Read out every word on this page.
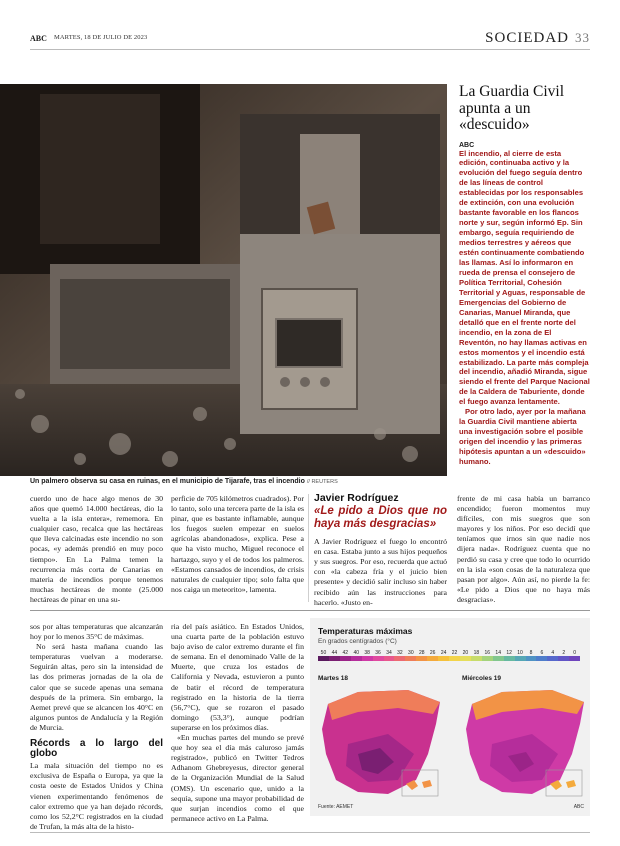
ABC MARTES, 18 DE JULIO DE 2023	SOCIEDAD 33
Un palmero observa su casa en ruinas, en el municipio de Tijarafe, tras el incendio // REUTERS
La Guardia Civil apunta a un «descuido»
ABC

El incendio, al cierre de esta edición, continuaba activo y la evolución del fuego seguía dentro de las líneas de control establecidas por los responsables de extinción, con una evolución bastante favorable en los flancos norte y sur, según informó Ep. Sin embargo, seguía requiriendo de medios terrestres y aéreos que estén continuamente combatiendo las llamas. Así lo informaron en rueda de prensa el consejero de Política Territorial, Cohesión Territorial y Aguas, responsable de Emergencias del Gobierno de Canarias, Manuel Miranda, que detalló que en el frente norte del incendio, en la zona de El Reventón, no hay llamas activas en estos momentos y el incendio está estabilizado. La parte más compleja del incendio, añadió Miranda, sigue siendo el frente del Parque Nacional de la Caldera de Taburiente, donde el fuego avanza lentamente.

Por otro lado, ayer por la mañana la Guardia Civil mantiene abierta una investigación sobre el posible origen del incendio y las primeras hipótesis apuntan a un «descuido» humano.

cuerdo uno de hace algo menos de 30 años que quemó 14.000 hectáreas, dio la vuelta a la isla entera», rememora. En cualquier caso, recalca que las hectáreas que lleva calcinadas este incendio no son pocas, «y además prendió en muy poco tiempo». En La Palma temen la recurrencia más corta de Canarias en materia de incendios porque tenemos muchas hectáreas de monte (25.000 hectáreas de pinar en una su-

perficie de 705 kilómetros cuadrados). Por lo tanto, solo una tercera parte de la isla es pinar, que es bastante inflamable, aunque los fuegos suelen empezar en suelos agrícolas abandonados», explica. Pese a que ha visto mucho, Miguel reconoce el hartazgo, suyo y el de todos los palmeros. «Estamos cansados de incendios, de crisis naturales de cualquier tipo; solo falta que nos caiga un meteorito», lamenta.

Javier Rodríguez
«Le pido a Dios que no haya más desgracias»

A Javier Rodríguez el fuego lo encontró en casa. Estaba junto a sus hijos pequeños y sus suegros. Por eso, recuerda que actuó con «la cabeza fría y el juicio bien presente» y decidió salir incluso sin haber recibido aún las instrucciones para hacerlo. «Justo en-

frente de mi casa había un barranco encendido; fueron momentos muy difíciles, con mis suegros que son mayores y los niños. Por eso decidí que teníamos que irnos sin que nadie nos dijera nada». Rodríguez cuenta que no perdió su casa y cree que todo lo ocurrido en la isla «son cosas de la naturaleza que pasan por algo». Aún así, no pierde la fe: «Le pido a Dios que no haya más desgracias».

sos por altas temperaturas que alcanzarán hoy por lo menos 35°C de máximas.

No será hasta mañana cuando las temperaturas vuelvan a moderarse. Seguirán altas, pero sin la intensidad de las dos primeras jornadas de la ola de calor que se sucede apenas una semana después de la primera. Sin embargo, la Aemet prevé que se alcancen los 40°C en algunos puntos de Andalucía y la Región de Murcia.

Récords a lo largo del globo

La mala situación del tiempo no es exclusiva de España o Europa, ya que la costa oeste de Estados Unidos y China vienen experimentando fenómenos de calor extremo que ya han dejado récords, como los 52,2°C registrados en la ciudad de Trufan, la más alta de la histo-

ria del país asiático. En Estados Unidos, una cuarta parte de la población estuvo bajo aviso de calor extremo durante el fin de semana. En el denominado Valle de la Muerte, que cruza los estados de California y Nevada, estuvieron a punto de batir el récord de temperatura registrado en la historia de la tierra (56,7°C), que se rozaron el pasado domingo (53,3°), aunque podrían superarse en los próximos días.

«En muchas partes del mundo se prevé que hoy sea el día más caluroso jamás registrado», publicó en Twitter Tedros Adhanom Ghebreyesus, director general de la Organización Mundial de la Salud (OMS). Un escenario que, unido a la sequía, supone una mayor probabilidad de que surjan incendios como el que permanece activo en La Palma.

Temperaturas máximas
En grados centígrados (°C)
50	44	42	40	38	36	34	32	30	28	26	24	22	20	18	16	14	12	10	8	6	4	2	0
Martes 18	Miércoles 19
Fuente: AEMET	ABC
